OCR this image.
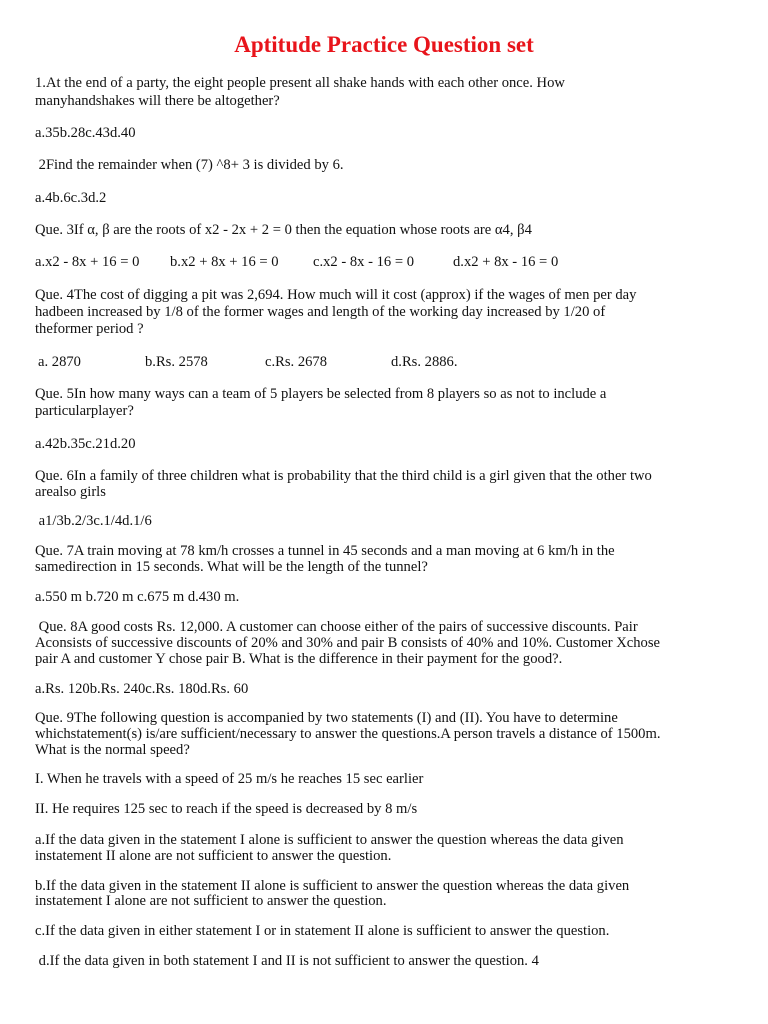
Aptitude Practice Question set
1.At the end of a party, the eight people present all shake hands with each other once. How
manyhandshakes will there be altogether?
a.35b.28c.43d.40
2Find the remainder when (7) ^8+ 3 is divided by 6.
a.4b.6c.3d.2
Que. 3If α, β are the roots of x2 - 2x + 2 = 0 then the equation whose roots are α4, β4
a.x2 - 8x + 16 = 0 b.x2 + 8x + 16 = 0 c.x2 - 8x - 16 = 0	d.x2 + 8x - 16 = 0
Que. 4The cost of digging a pit was 2,694. How much will it cost (approx) if the wages of men per day
hadbeen increased by 1/8 of the former wages and length of the working day increased by 1/20 of
theformer period ?
a. 2870	b.Rs. 2578	c.Rs. 2678	d.Rs. 2886.
Que. 5In how many ways can a team of 5 players be selected from 8 players so as not to include a
particularplayer?
a.42b.35c.21d.20
Que. 6In a family of three children what is probability that the third child is a girl given that the other two
arealso girls
a1/3b.2/3c.1/4d.1/6
Que. 7A train moving at 78 km/h crosses a tunnel in 45 seconds and a man moving at 6 km/h in the
samedirection in 15 seconds. What will be the length of the tunnel?
a.550 m b.720 m c.675 m d.430 m.
Que. 8A good costs Rs. 12,000. A customer can choose either of the pairs of successive discounts. Pair
Aconsists of successive discounts of 20% and 30% and pair B consists of 40% and 10%. Customer Xchose
pair A and customer Y chose pair B. What is the difference in their payment for the good?.
a.Rs. 120b.Rs. 240c.Rs. 180d.Rs. 60
Que. 9The following question is accompanied by two statements (I) and (II). You have to determine
whichstatement(s) is/are sufficient/necessary to answer the questions.A person travels a distance of 1500m.
What is the normal speed?
I. When he travels with a speed of 25 m/s he reaches 15 sec earlier
II. He requires 125 sec to reach if the speed is decreased by 8 m/s
a.If the data given in the statement I alone is sufficient to answer the question whereas the data given
instatement II alone are not sufficient to answer the question.
b.If the data given in the statement II alone is sufficient to answer the question whereas the data given
instatement I alone are not sufficient to answer the question.
c.If the data given in either statement I or in statement II alone is sufficient to answer the question.
d.If the data given in both statement I and II is not sufficient to answer the question. 4
